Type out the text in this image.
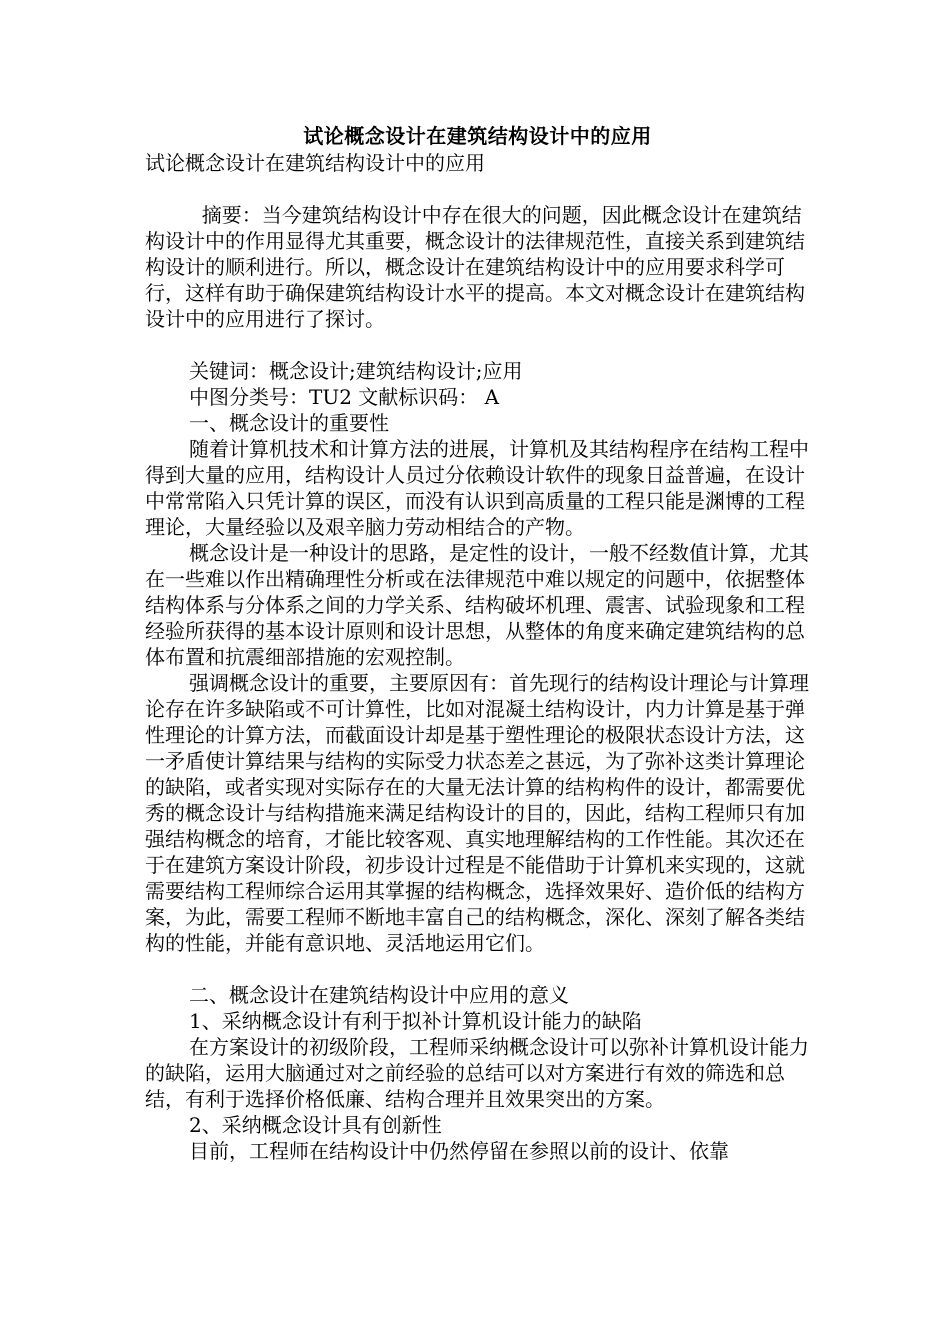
试论概念设计在建筑结构设计中的应用

试论概念设计在建筑结构设计中的应用

摘要：当今建筑结构设计中存在很大的问题，因此概念设计在建筑结构设计中的作用显得尤其重要，概念设计的法律规范性，直接关系到建筑结构设计的顺利进行。所以，概念设计在建筑结构设计中的应用要求科学可行，这样有助于确保建筑结构设计水平的提高。本文对概念设计在建筑结构设计中的应用进行了探讨。

关键词：概念设计;建筑结构设计;应用

中图分类号：TU2 文献标识码： A

一、概念设计的重要性

随着计算机技术和计算方法的进展，计算机及其结构程序在结构工程中得到大量的应用，结构设计人员过分依赖设计软件的现象日益普遍，在设计中常常陷入只凭计算的误区，而没有认识到高质量的工程只能是渊博的工程理论，大量经验以及艰辛脑力劳动相结合的产物。

概念设计是一种设计的思路，是定性的设计，一般不经数值计算，尤其在一些难以作出精确理性分析或在法律规范中难以规定的问题中，依据整体结构体系与分体系之间的力学关系、结构破坏机理、震害、试验现象和工程经验所获得的基本设计原则和设计思想，从整体的角度来确定建筑结构的总体布置和抗震细部措施的宏观控制。

强调概念设计的重要，主要原因有：首先现行的结构设计理论与计算理论存在许多缺陷或不可计算性，比如对混凝土结构设计，内力计算是基于弹性理论的计算方法，而截面设计却是基于塑性理论的极限状态设计方法，这一矛盾使计算结果与结构的实际受力状态差之甚远，为了弥补这类计算理论的缺陷，或者实现对实际存在的大量无法计算的结构构件的设计，都需要优秀的概念设计与结构措施来满足结构设计的目的，因此，结构工程师只有加强结构概念的培育，才能比较客观、真实地理解结构的工作性能。其次还在于在建筑方案设计阶段，初步设计过程是不能借助于计算机来实现的，这就需要结构工程师综合运用其掌握的结构概念，选择效果好、造价低的结构方案，为此，需要工程师不断地丰富自己的结构概念，深化、深刻了解各类结构的性能，并能有意识地、灵活地运用它们。

二、概念设计在建筑结构设计中应用的意义

1、采纳概念设计有利于拟补计算机设计能力的缺陷

在方案设计的初级阶段，工程师采纳概念设计可以弥补计算机设计能力的缺陷，运用大脑通过对之前经验的总结可以对方案进行有效的筛选和总结，有利于选择价格低廉、结构合理并且效果突出的方案。

2、采纳概念设计具有创新性

目前，工程师在结构设计中仍然停留在参照以前的设计、依靠
